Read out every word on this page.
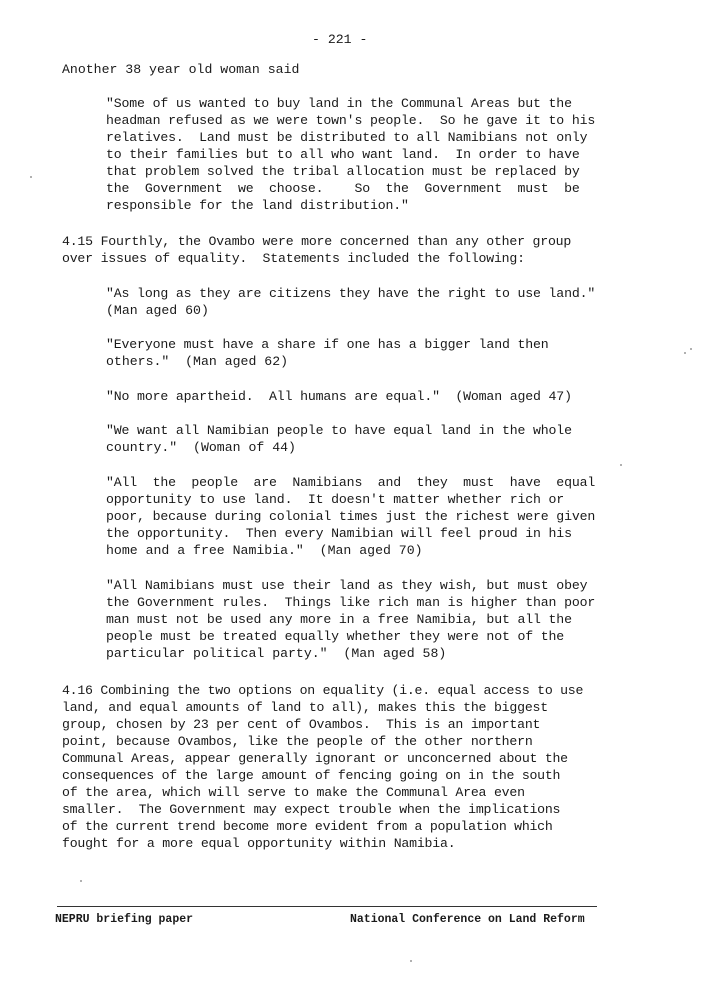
- 221 -
Another 38 year old woman said
"Some of us wanted to buy land in the Communal Areas but the
headman refused as we were town's people.  So he gave it to his
relatives.  Land must be distributed to all Namibians not only
to their families but to all who want land.  In order to have
that problem solved the tribal allocation must be replaced by
the  Government  we  choose.    So  the  Government  must  be
responsible for the land distribution."
4.15 Fourthly, the Ovambo were more concerned than any other group
over issues of equality.  Statements included the following:
"As long as they are citizens they have the right to use land."
(Man aged 60)
"Everyone must have a share if one has a bigger land then
others."  (Man aged 62)
"No more apartheid.  All humans are equal."  (Woman aged 47)
"We want all Namibian people to have equal land in the whole
country."  (Woman of 44)
"All  the  people  are  Namibians  and  they  must  have  equal
opportunity to use land.  It doesn't matter whether rich or
poor, because during colonial times just the richest were given
the opportunity.  Then every Namibian will feel proud in his
home and a free Namibia."  (Man aged 70)
"All Namibians must use their land as they wish, but must obey
the Government rules.  Things like rich man is higher than poor
man must not be used any more in a free Namibia, but all the
people must be treated equally whether they were not of the
particular political party."  (Man aged 58)
4.16 Combining the two options on equality (i.e. equal access to use
land, and equal amounts of land to all), makes this the biggest
group, chosen by 23 per cent of Ovambos.  This is an important
point, because Ovambos, like the people of the other northern
Communal Areas, appear generally ignorant or unconcerned about the
consequences of the large amount of fencing going on in the south
of the area, which will serve to make the Communal Area even
smaller.  The Government may expect trouble when the implications
of the current trend become more evident from a population which
fought for a more equal opportunity within Namibia.
NEPRU briefing paper	National Conference on Land Reform
